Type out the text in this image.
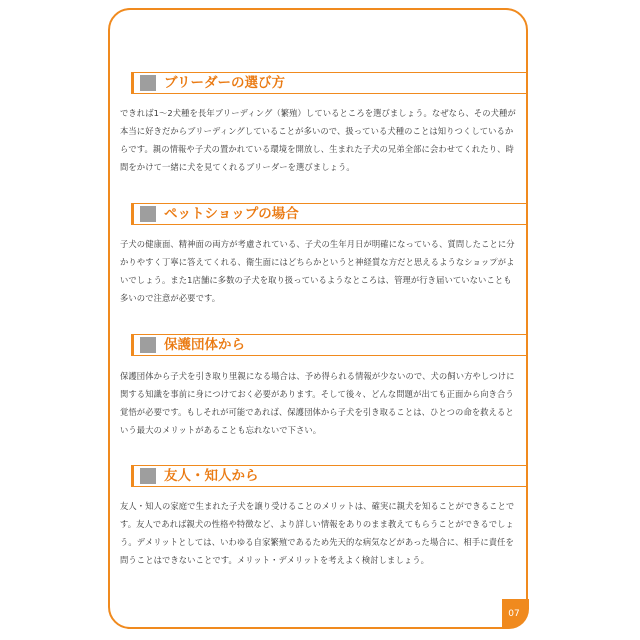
ブリーダーの選び方

できれば1～2犬種を長年ブリーディング（繁殖）しているところを選びましょう。なぜなら、その犬種が本当に好きだからブリーディングしていることが多いので、扱っている犬種のことは知りつくしているからです。親の情報や子犬の置かれている環境を開放し、生まれた子犬の兄弟全部に会わせてくれたり、時間をかけて一緒に犬を見てくれるブリーダーを選びましょう。

ペットショップの場合

子犬の健康面、精神面の両方が考慮されている、子犬の生年月日が明確になっている、質問したことに分かりやすく丁寧に答えてくれる、衛生面にはどちらかというと神経質な方だと思えるようなショップがよいでしょう。また1店舗に多数の子犬を取り扱っているようなところは、管理が行き届いていないことも多いので注意が必要です。

保護団体から

保護団体から子犬を引き取り里親になる場合は、予め得られる情報が少ないので、犬の飼い方やしつけに関する知識を事前に身につけておく必要があります。そして後々、どんな問題が出ても正面から向き合う覚悟が必要です。もしそれが可能であれば、保護団体から子犬を引き取ることは、ひとつの命を救えるという最大のメリットがあることも忘れないで下さい。

友人・知人から

友人・知人の家庭で生まれた子犬を譲り受けることのメリットは、確実に親犬を知ることができることです。友人であれば親犬の性格や特徴など、より詳しい情報をありのまま教えてもらうことができるでしょう。デメリットとしては、いわゆる自家繁殖であるため先天的な病気などがあった場合に、相手に責任を問うことはできないことです。メリット・デメリットを考えよく検討しましょう。

07
